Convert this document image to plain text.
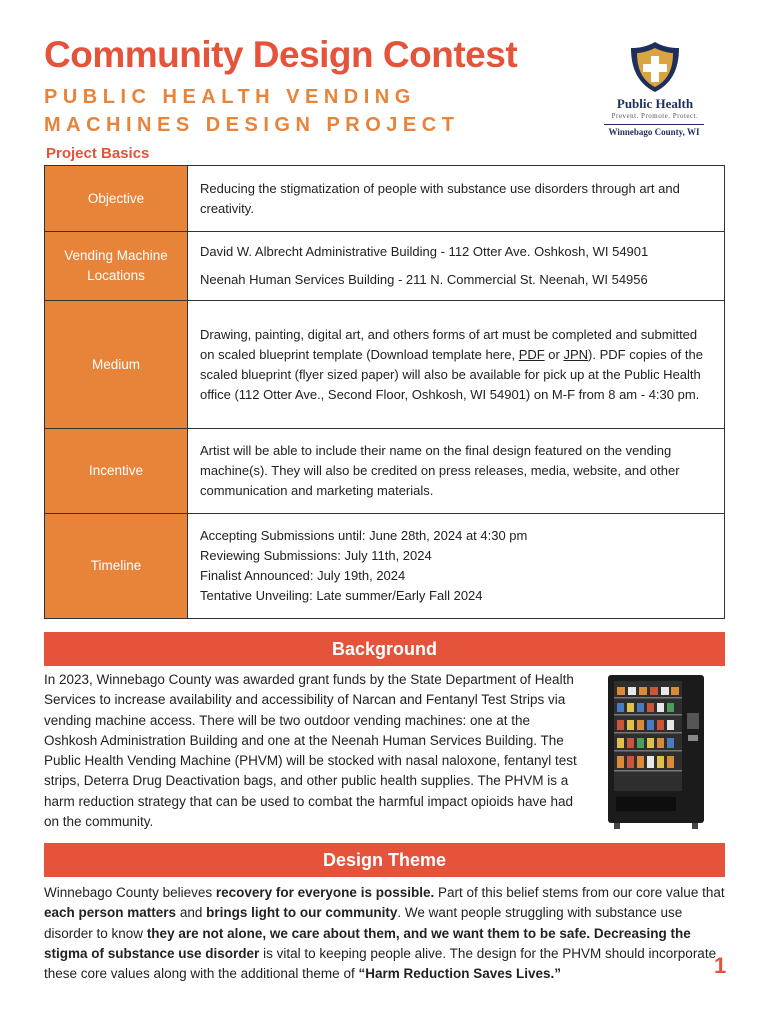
Community Design Contest
PUBLIC HEALTH VENDING MACHINES DESIGN PROJECT
Public Health
Prevent. Promote. Protect.
Winnebago County, WI
Project Basics
Objective	Reducing the stigmatization of people with substance use disorders through art and creativity.

Vending Machine Locations	David W. Albrecht Administrative Building - 112 Otter Ave. Oshkosh, WI 54901

Neenah Human Services Building - 211 N. Commercial St. Neenah, WI 54956

Medium	Drawing, painting, digital art, and others forms of art must be completed and submitted on scaled blueprint template (Download template here, PDF or JPN). PDF copies of the scaled blueprint (flyer sized paper) will also be available for pick up at the Public Health office (112 Otter Ave., Second Floor, Oshkosh, WI 54901) on M-F from 8 am - 4:30 pm.

Incentive	Artist will be able to include their name on the final design featured on the vending machine(s). They will also be credited on press releases, media, website, and other communication and marketing materials.

Timeline	Accepting Submissions until: June 28th, 2024 at 4:30 pm
Reviewing Submissions: July 11th, 2024
Finalist Announced: July 19th, 2024
Tentative Unveiling: Late summer/Early Fall 2024
Background
In 2023, Winnebago County was awarded grant funds by the State Department of Health Services to increase availability and accessibility of Narcan and Fentanyl Test Strips via vending machine access. There will be two outdoor vending machines: one at the Oshkosh Administration Building and one at the Neenah Human Services Building. The Public Health Vending Machine (PHVM) will be stocked with nasal naloxone, fentanyl test strips, Deterra Drug Deactivation bags, and other public health supplies. The PHVM is a harm reduction strategy that can be used to combat the harmful impact opioids have had on the community.
Design Theme
Winnebago County believes recovery for everyone is possible. Part of this belief stems from our core value that each person matters and brings light to our community. We want people struggling with substance use disorder to know they are not alone, we care about them, and we want them to be safe. Decreasing the stigma of substance use disorder is vital to keeping people alive. The design for the PHVM should incorporate these core values along with the additional theme of “Harm Reduction Saves Lives.”	1
